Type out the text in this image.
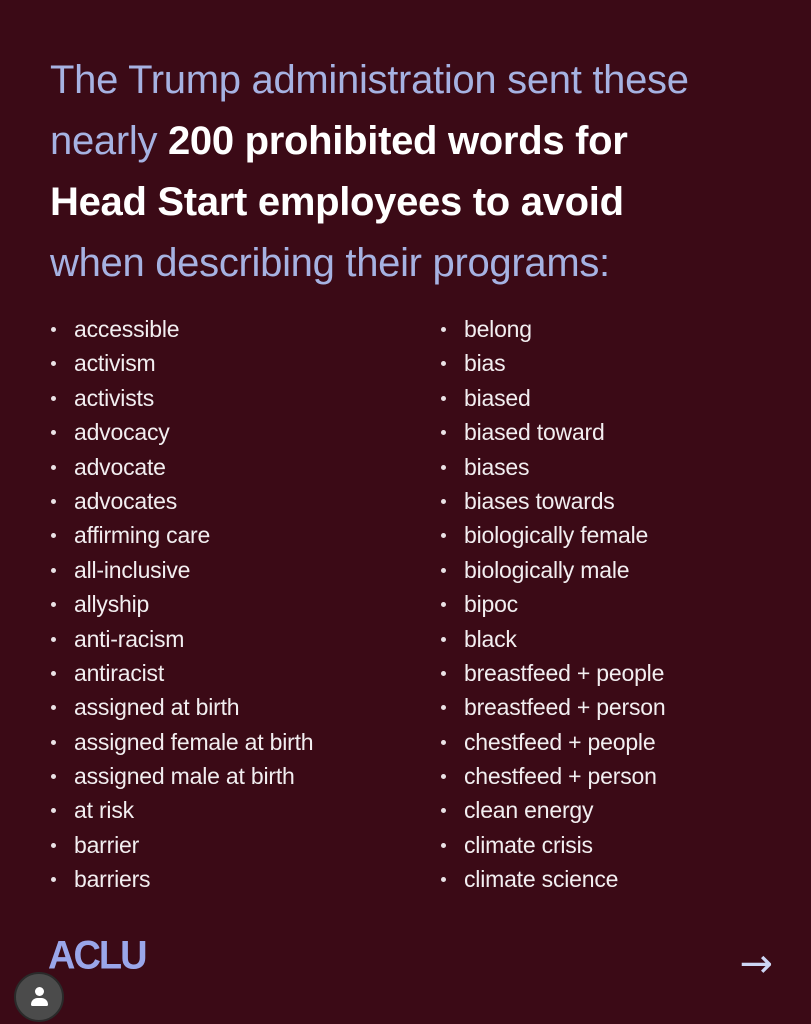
The Trump administration sent these
nearly 200 prohibited words for
Head Start employees to avoid
when describing their programs:
accessible
activism
activists
advocacy
advocate
advocates
affirming care
all-inclusive
allyship
anti-racism
antiracist
assigned at birth
assigned female at birth
assigned male at birth
at risk
barrier
barriers
belong
bias
biased
biased toward
biases
biases towards
biologically female
biologically male
bipoc
black
breastfeed + people
breastfeed + person
chestfeed + people
chestfeed + person
clean energy
climate crisis
climate science
ACLU	→
